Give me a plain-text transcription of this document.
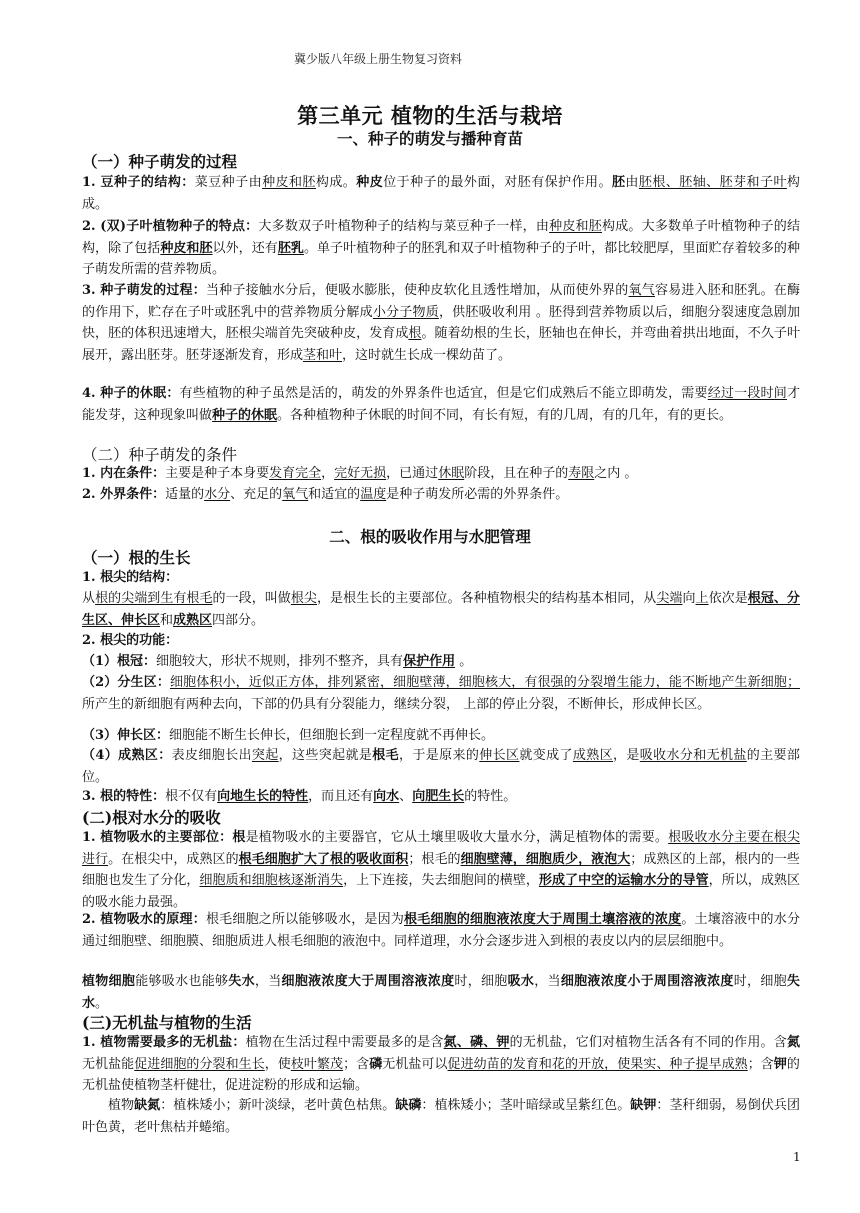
冀少版八年级上册生物复习资料
第三单元 植物的生活与栽培
一、种子的萌发与播种育苗
（一）种子萌发的过程
1. 豆种子的结构：菜豆种子由种皮和胚构成。种皮位于种子的最外面，对胚有保护作用。胚由胚根、胚轴、胚芽和子叶构成。
2. (双)子叶植物种子的特点：大多数双子叶植物种子的结构与菜豆种子一样，由种皮和胚构成。大多数单子叶植物种子的结构，除了包括种皮和胚以外，还有胚乳。单子叶植物种子的胚乳和双子叶植物种子的子叶，都比较肥厚，里面贮存着较多的种子萌发所需的营养物质。
3. 种子萌发的过程：当种子接触水分后，便吸水膨胀，使种皮软化且透性增加，从而使外界的氧气容易进入胚和胚乳。在酶的作用下，贮存在子叶或胚乳中的营养物质分解成小分子物质，供胚吸收利用 。胚得到营养物质以后，细胞分裂速度急剧加快，胚的体积迅速增大，胚根尖端首先突破种皮，发育成根。随着幼根的生长，胚轴也在伸长，并弯曲着拱出地面，不久子叶展开，露出胚芽。胚芽逐渐发育，形成茎和叶，这时就生长成一棵幼苗了。
4. 种子的休眠：有些植物的种子虽然是活的，萌发的外界条件也适宜，但是它们成熟后不能立即萌发，需要经过一段时间才能发芽，这种现象叫做种子的休眠。各种植物种子休眠的时间不同，有长有短，有的几周，有的几年，有的更长。
（二）种子萌发的条件
1. 内在条件：主要是种子本身要发育完全，完好无损，已通过休眠阶段，且在种子的寿限之内 。
2. 外界条件：适量的水分、充足的氧气和适宜的温度是种子萌发所必需的外界条件。
二、根的吸收作用与水肥管理
（一）根的生长
1. 根尖的结构：
从根的尖端到生有根毛的一段，叫做根尖，是根生长的主要部位。各种植物根尖的结构基本相同，从尖端向上依次是根冠、分生区、伸长区和成熟区四部分。
2. 根尖的功能：
（1）根冠：细胞较大，形状不规则，排列不整齐，具有保护作用 。
（2）分生区：细胞体积小，近似正方体，排列紧密，细胞壁薄，细胞核大，有很强的分裂增生能力，能不断地产生新细胞；所产生的新细胞有两种去向，下部的仍具有分裂能力，继续分裂， 上部的停止分裂，不断伸长，形成伸长区。
（3）伸长区：细胞能不断生长伸长，但细胞长到一定程度就不再伸长。
（4）成熟区：表皮细胞长出突起，这些突起就是根毛，于是原来的伸长区就变成了成熟区，是吸收水分和无机盐的主要部位。
3. 根的特性：根不仅有向地生长的特性，而且还有向水、向肥生长的特性。
(二)根对水分的吸收
1. 植物吸水的主要部位：根是植物吸水的主要器官，它从土壤里吸收大量水分，满足植物体的需要。根吸收水分主要在根尖进行。在根尖中，成熟区的根毛细胞扩大了根的吸收面积；根毛的细胞壁薄，细胞质少，液泡大；成熟区的上部，根内的一些细胞也发生了分化，细胞质和细胞核逐渐消失，上下连接，失去细胞间的横壁，形成了中空的运输水分的导管，所以，成熟区的吸水能力最强。
2. 植物吸水的原理：根毛细胞之所以能够吸水，是因为根毛细胞的细胞液浓度大于周围土壤溶液的浓度。土壤溶液中的水分通过细胞壁、细胞膜、细胞质进人根毛细胞的液泡中。同样道理，水分会逐步进入到根的表皮以内的层层细胞中。
植物细胞能够吸水也能够失水，当细胞液浓度大于周围溶液浓度时，细胞吸水，当细胞液浓度小于周围溶液浓度时，细胞失水。
(三)无机盐与植物的生活
1. 植物需要最多的无机盐：植物在生活过程中需要最多的是含氮、磷、钾的无机盐，它们对植物生活各有不同的作用。含氮无机盐能促进细胞的分裂和生长，使枝叶繁茂；含磷无机盐可以促进幼苗的发育和花的开放，使果实、种子提早成熟；含钾的无机盐使植物茎杆健壮，促进淀粉的形成和运输。
植物缺氮：植株矮小；新叶淡绿，老叶黄色枯焦。缺磷：植株矮小；茎叶暗绿或呈紫红色。缺钾：茎秆细弱，易倒伏兵团叶色黄，老叶焦枯并蜷缩。
1
